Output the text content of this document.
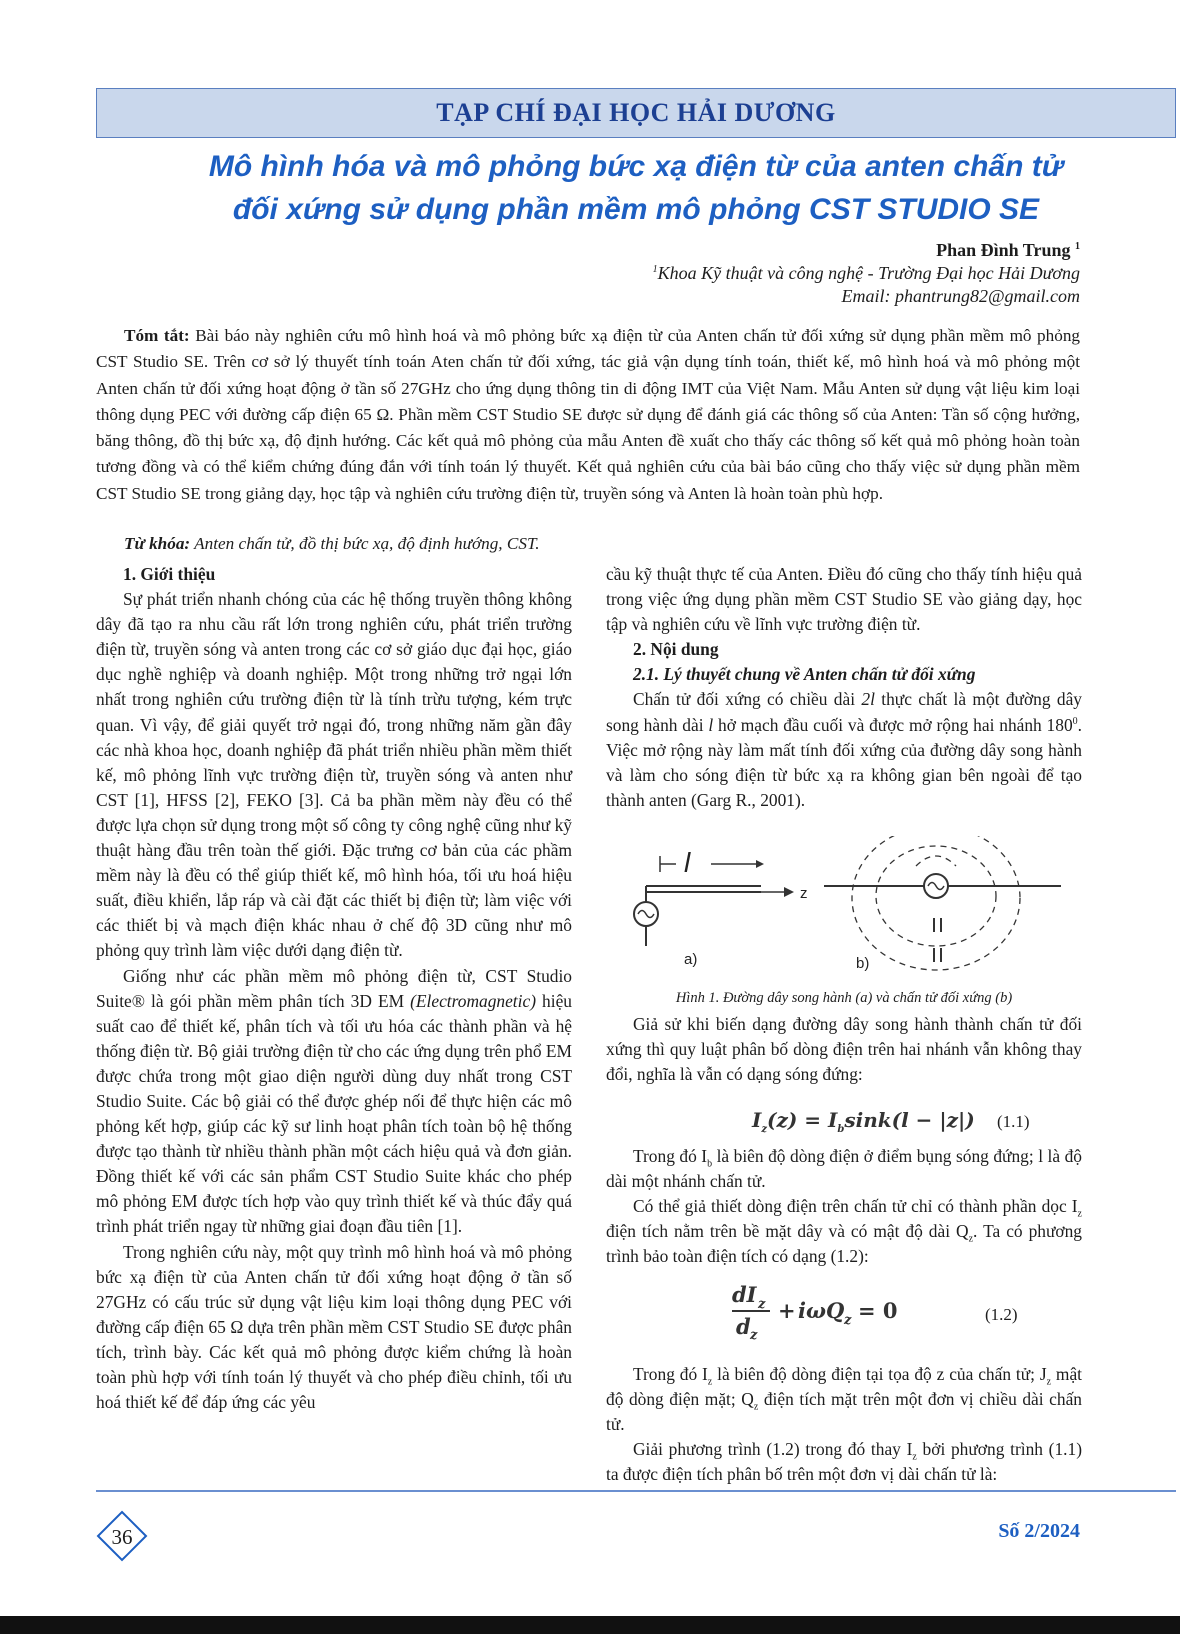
TẠP CHÍ ĐẠI HỌC HẢI DƯƠNG
Mô hình hóa và mô phỏng bức xạ điện từ của anten chấn tử
đối xứng sử dụng phần mềm mô phỏng CST STUDIO SE
Phan Đình Trung $^1$
$^1$Khoa Kỹ thuật và công nghệ - Trường Đại học Hải Dương
Email: phantrung82@gmail.com
Tóm tắt: Bài báo này nghiên cứu mô hình hoá và mô phỏng bức xạ điện từ của Anten chấn tử đối xứng sử dụng phần mềm mô phỏng CST Studio SE. Trên cơ sở lý thuyết tính toán Aten chấn tử đối xứng, tác giả vận dụng tính toán, thiết kế, mô hình hoá và mô phỏng một Anten chấn tử đối xứng hoạt động ở tần số 27GHz cho ứng dụng thông tin di động IMT của Việt Nam. Mẫu Anten sử dụng vật liệu kim loại thông dụng PEC với đường cấp điện 65 Ω. Phần mềm CST Studio SE được sử dụng để đánh giá các thông số của Anten: Tần số cộng hưởng, băng thông, đồ thị bức xạ, độ định hướng. Các kết quả mô phỏng của mẫu Anten đề xuất cho thấy các thông số kết quả mô phỏng hoàn toàn tương đồng và có thể kiểm chứng đúng đắn với tính toán lý thuyết. Kết quả nghiên cứu của bài báo cũng cho thấy việc sử dụng phần mềm CST Studio SE trong giảng dạy, học tập và nghiên cứu trường điện từ, truyền sóng và Anten là hoàn toàn phù hợp.
Từ khóa: Anten chấn tử, đồ thị bức xạ, độ định hướng, CST.

1. Giới thiệu

Sự phát triển nhanh chóng của các hệ thống truyền thông không dây đã tạo ra nhu cầu rất lớn trong nghiên cứu, phát triển trường điện từ, truyền sóng và anten trong các cơ sở giáo dục đại học, giáo dục nghề nghiệp và doanh nghiệp. Một trong những trở ngại lớn nhất trong nghiên cứu trường điện từ là tính trừu tượng, kém trực quan. Vì vậy, để giải quyết trở ngại đó, trong những năm gần đây các nhà khoa học, doanh nghiệp đã phát triển nhiều phần mềm thiết kế, mô phỏng lĩnh vực trường điện từ, truyền sóng và anten như CST [1], HFSS [2], FEKO [3]. Cả ba phần mềm này đều có thể được lựa chọn sử dụng trong một số công ty công nghệ cũng như kỹ thuật hàng đầu trên toàn thế giới. Đặc trưng cơ bản của các phầm mềm này là đều có thể giúp thiết kế, mô hình hóa, tối ưu hoá hiệu suất, điều khiển, lắp ráp và cài đặt các thiết bị điện từ; làm việc với các thiết bị và mạch điện khác nhau ở chế độ 3D cũng như mô phỏng quy trình làm việc dưới dạng điện từ.

Giống như các phần mềm mô phỏng điện từ, CST Studio Suite® là gói phần mềm phân tích 3D EM (Electromagnetic) hiệu suất cao để thiết kế, phân tích và tối ưu hóa các thành phần và hệ thống điện từ. Bộ giải trường điện từ cho các ứng dụng trên phổ EM được chứa trong một giao diện người dùng duy nhất trong CST Studio Suite. Các bộ giải có thể được ghép nối để thực hiện các mô phỏng kết hợp, giúp các kỹ sư linh hoạt phân tích toàn bộ hệ thống được tạo thành từ nhiều thành phần một cách hiệu quả và đơn giản. Đồng thiết kế với các sản phẩm CST Studio Suite khác cho phép mô phỏng EM được tích hợp vào quy trình thiết kế và thúc đẩy quá trình phát triển ngay từ những giai đoạn đầu tiên [1].

Trong nghiên cứu này, một quy trình mô hình hoá và mô phỏng bức xạ điện từ của Anten chấn tử đối xứng hoạt động ở tần số 27GHz có cấu trúc sử dụng vật liệu kim loại thông dụng PEC với đường cấp điện 65 Ω dựa trên phần mềm CST Studio SE được phân tích, trình bày. Các kết quả mô phỏng được kiểm chứng là hoàn toàn phù hợp với tính toán lý thuyết và cho phép điều chỉnh, tối ưu hoá thiết kế để đáp ứng các yêu

cầu kỹ thuật thực tế của Anten. Điều đó cũng cho thấy tính hiệu quả trong việc ứng dụng phần mềm CST Studio SE vào giảng dạy, học tập và nghiên cứu về lĩnh vực trường điện từ.

2. Nội dung

2.1. Lý thuyết chung về Anten chấn tử đối xứng

Chấn tử đối xứng có chiều dài 2l thực chất là một đường dây song hành dài l hở mạch đầu cuối và được mở rộng hai nhánh $180^0$. Việc mở rộng này làm mất tính đối xứng của đường dây song hành và làm cho sóng điện từ bức xạ ra không gian bên ngoài để tạo thành anten (Garg R., 2001).

l
z
a)	b)
Hình 1. Đường dây song hành (a) và chấn tử đối xứng (b)

Giả sử khi biến dạng đường dây song hành thành chấn tử đối xứng thì quy luật phân bố dòng điện trên hai nhánh vẫn không thay đổi, nghĩa là vẫn có dạng sóng đứng:

$I_z(z) = I_b\sin k(l - |z|)$ (1.1)

Trong đó $I_b$ là biên độ dòng điện ở điểm bụng sóng đứng; l là độ dài một nhánh chấn tử.

Có thể giả thiết dòng điện trên chấn tử chỉ có thành phần dọc $I_z$ điện tích nằm trên bề mặt dây và có mật độ dài $Q_z$. Ta có phương trình bảo toàn điện tích có dạng (1.2):

dI z
d z
+ iωQ z = 0	(1.2)

Trong đó $I_z$ là biên độ dòng điện tại tọa độ z của chấn tử; $J_z$ mật độ dòng điện mặt; $Q_z$ điện tích mặt trên một đơn vị chiều dài chấn tử.

Giải phương trình (1.2) trong đó thay $I_z$ bởi phương trình (1.1) ta được điện tích phân bố trên một đơn vị dài chấn tử là:

36	Số 2/2024
